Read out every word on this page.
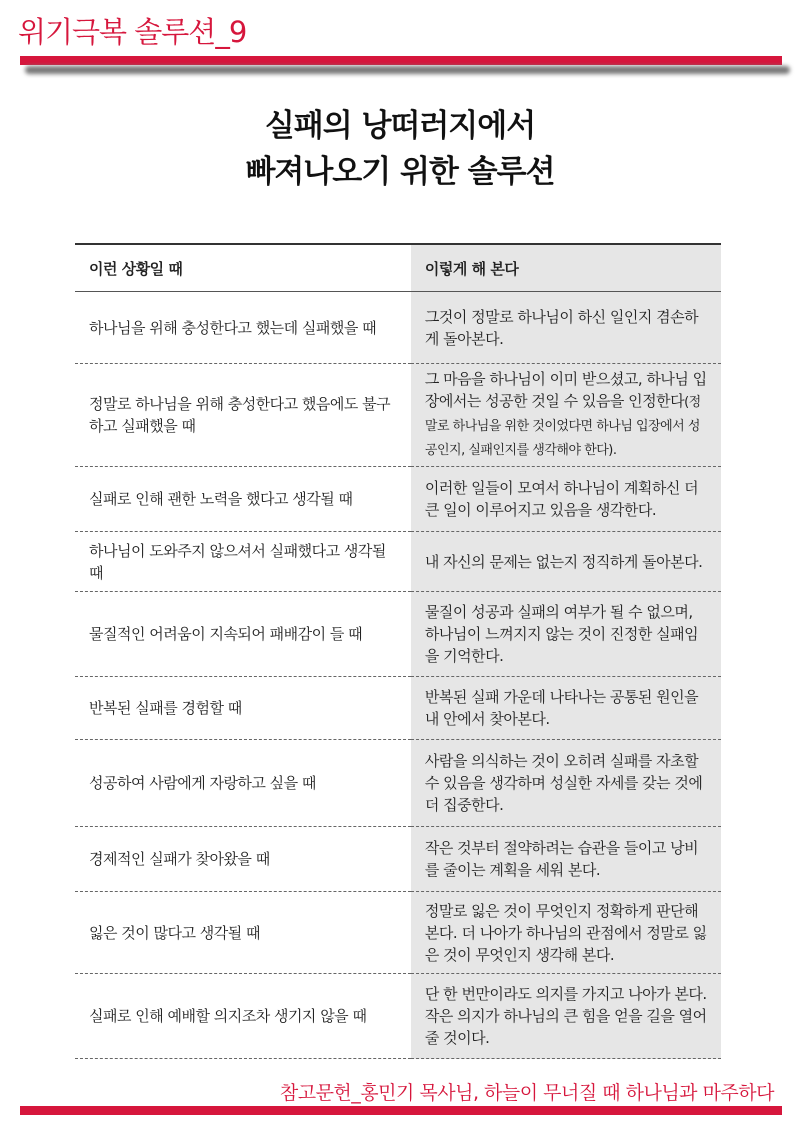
위기극복 솔루션_9
실패의 낭떠러지에서
빠져나오기 위한 솔루션
이런 상황일 때	이렇게 해 본다
하나님을 위해 충성한다고 했는데 실패했을 때	그것이 정말로 하나님이 하신 일인지 겸손하게 돌아본다.
정말로 하나님을 위해 충성한다고 했음에도 불구하고 실패했을 때	그 마음을 하나님이 이미 받으셨고, 하나님 입장에서는 성공한 것일 수 있음을 인정한다(정말로 하나님을 위한 것이었다면 하나님 입장에서 성공인지, 실패인지를 생각해야 한다).
실패로 인해 괜한 노력을 했다고 생각될 때	이러한 일들이 모여서 하나님이 계획하신 더 큰 일이 이루어지고 있음을 생각한다.
하나님이 도와주지 않으셔서 실패했다고 생각될 때	내 자신의 문제는 없는지 정직하게 돌아본다.
물질적인 어려움이 지속되어 패배감이 들 때	물질이 성공과 실패의 여부가 될 수 없으며, 하나님이 느껴지지 않는 것이 진정한 실패임을 기억한다.
반복된 실패를 경험할 때	반복된 실패 가운데 나타나는 공통된 원인을 내 안에서 찾아본다.
성공하여 사람에게 자랑하고 싶을 때	사람을 의식하는 것이 오히려 실패를 자초할 수 있음을 생각하며 성실한 자세를 갖는 것에 더 집중한다.
경제적인 실패가 찾아왔을 때	작은 것부터 절약하려는 습관을 들이고 낭비를 줄이는 계획을 세워 본다.
잃은 것이 많다고 생각될 때	정말로 잃은 것이 무엇인지 정확하게 판단해 본다. 더 나아가 하나님의 관점에서 정말로 잃은 것이 무엇인지 생각해 본다.
실패로 인해 예배할 의지조차 생기지 않을 때	단 한 번만이라도 의지를 가지고 나아가 본다. 작은 의지가 하나님의 큰 힘을 얻을 길을 열어 줄 것이다.
참고문헌_홍민기 목사님, 하늘이 무너질 때 하나님과 마주하다
